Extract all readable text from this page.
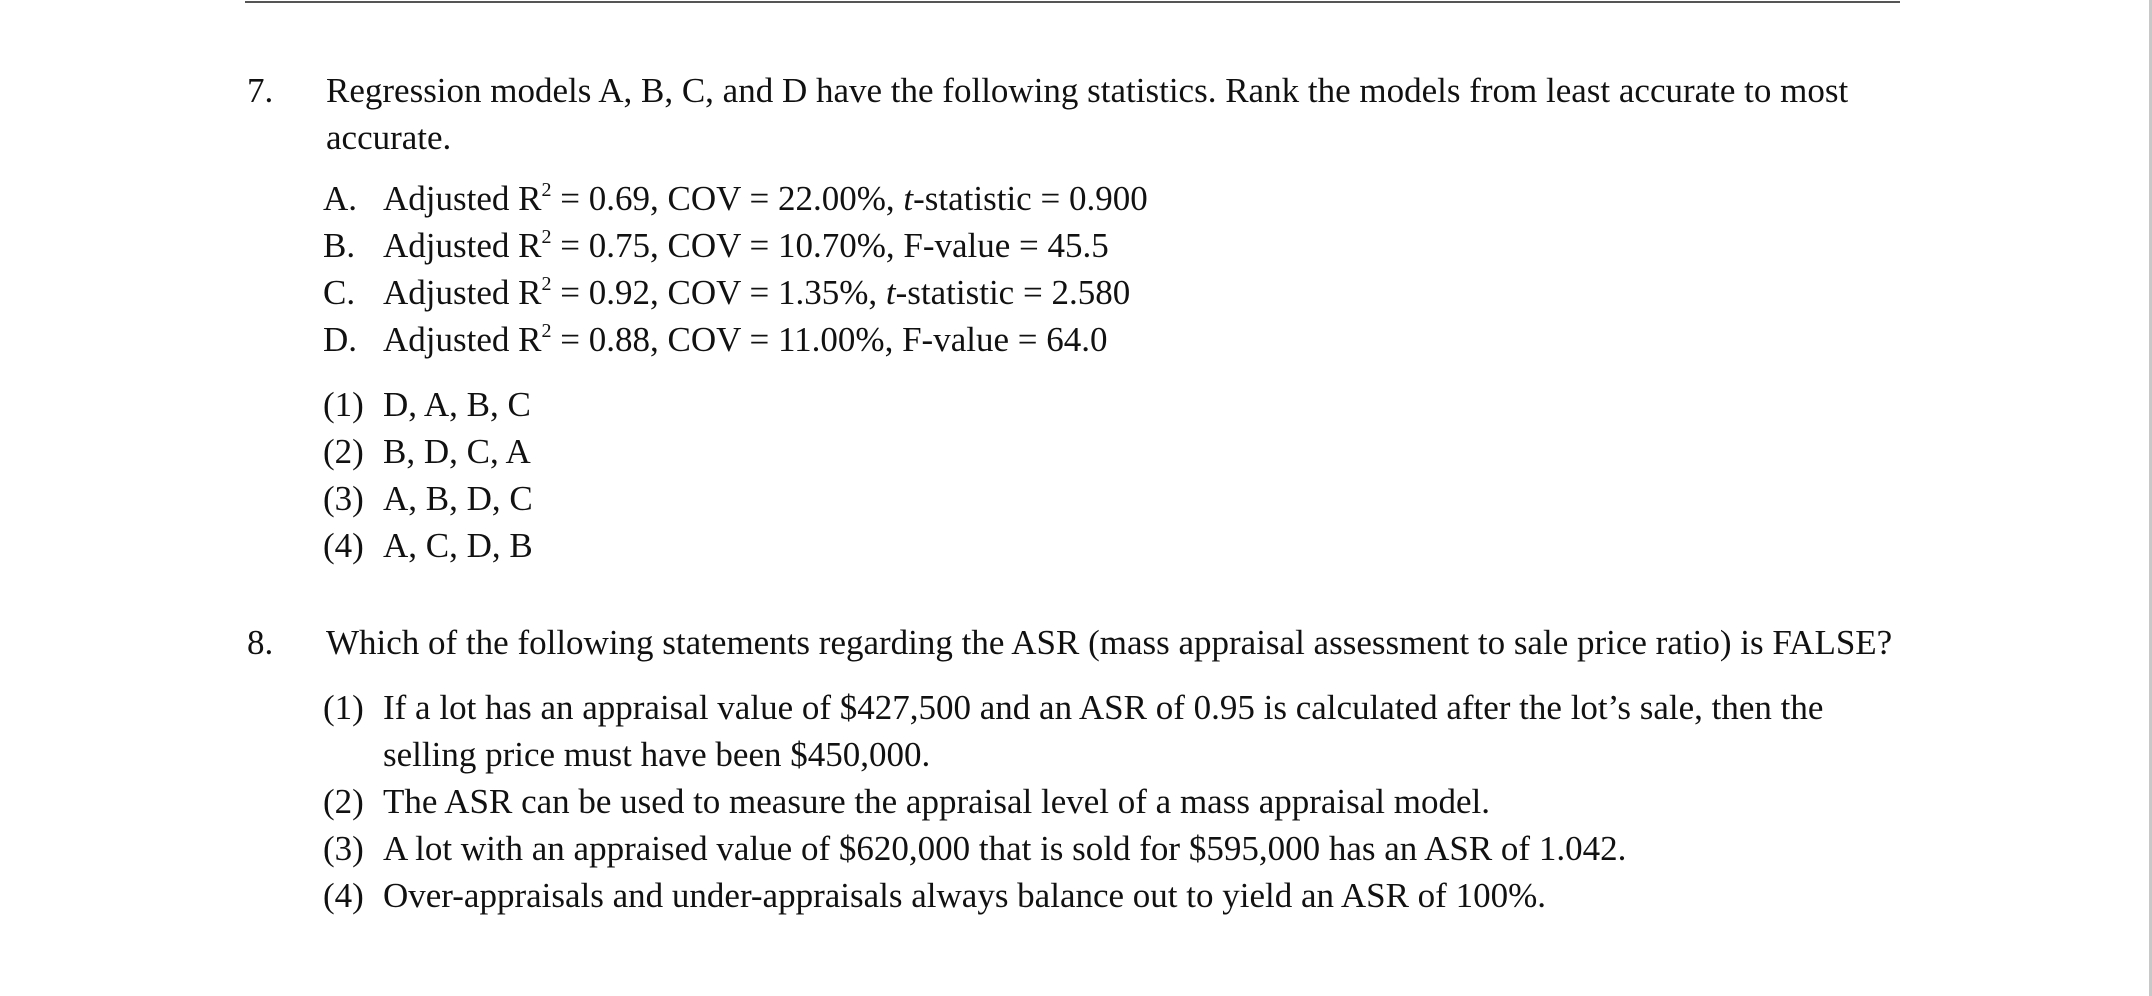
7. Regression models A, B, C, and D have the following statistics. Rank the models from least accurate to most accurate.
A. Adjusted $R^2 = 0.69$, COV = 22.00%, t-statistic = 0.900
B. Adjusted $R^2 = 0.75$, COV = 10.70%, F-value = 45.5
C. Adjusted $R^2 = 0.92$, COV = 1.35%, t-statistic = 2.580
D. Adjusted $R^2 = 0.88$, COV = 11.00%, F-value = 64.0
(1) D, A, B, C
(2) B, D, C, A
(3) A, B, D, C
(4) A, C, D, B
8. Which of the following statements regarding the ASR (mass appraisal assessment to sale price ratio) is FALSE?
(1) If a lot has an appraisal value of $427,500 and an ASR of 0.95 is calculated after the lot’s sale, then the selling price must have been $450,000.
(2) The ASR can be used to measure the appraisal level of a mass appraisal model.
(3) A lot with an appraised value of $620,000 that is sold for $595,000 has an ASR of 1.042.
(4) Over-appraisals and under-appraisals always balance out to yield an ASR of 100%.
